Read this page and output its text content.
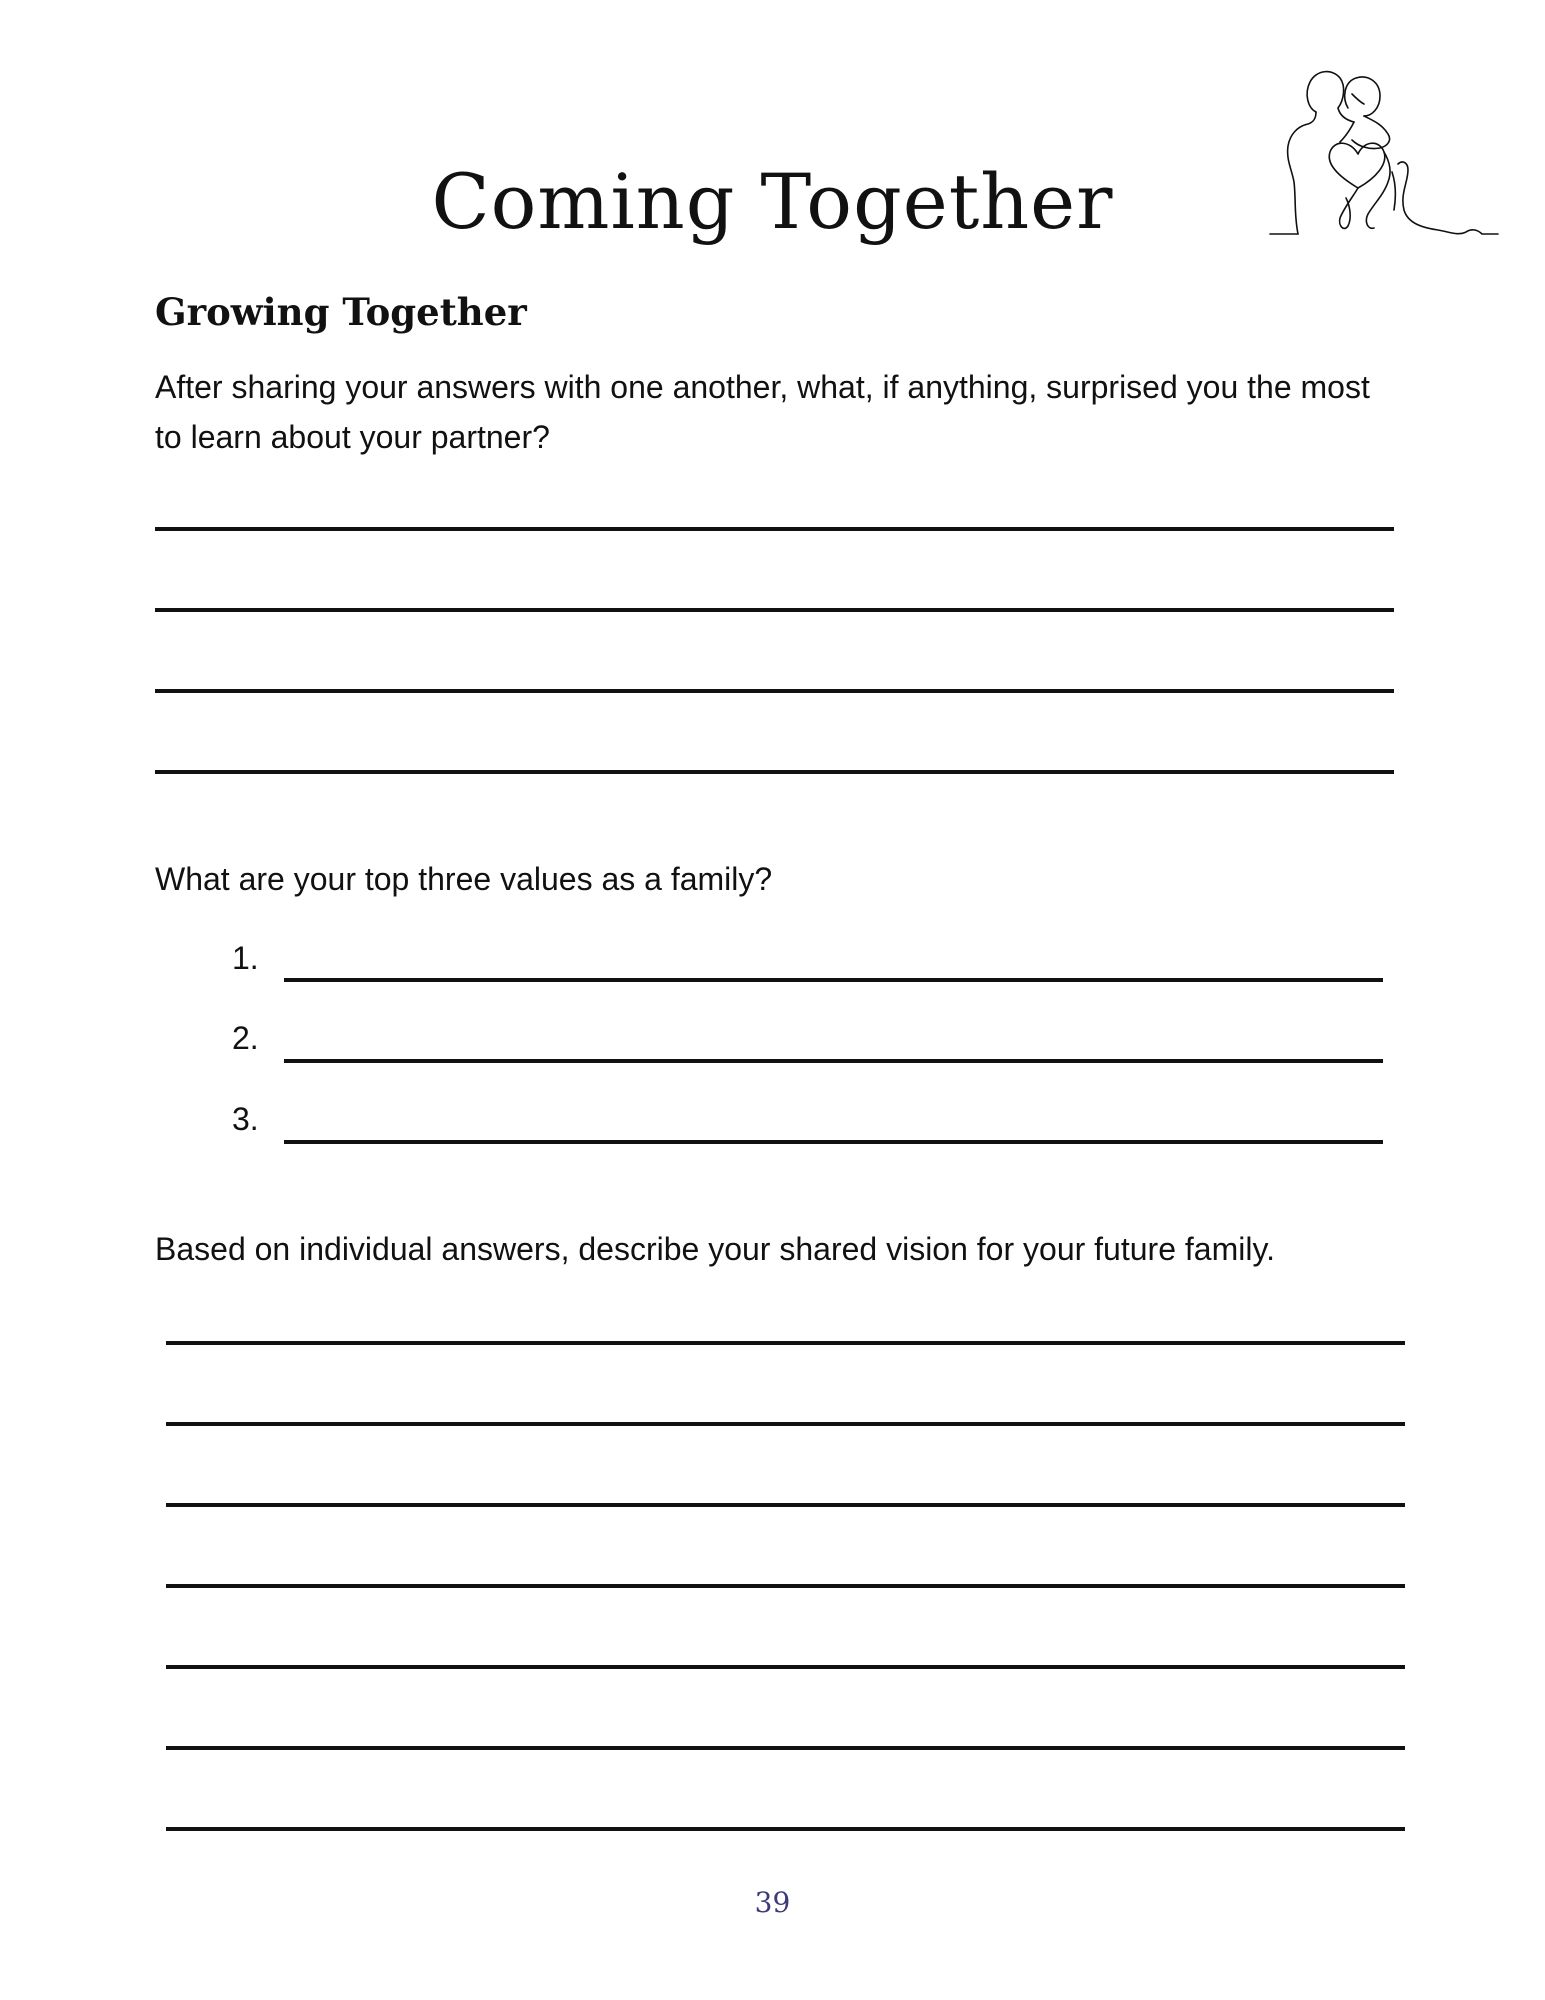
Coming Together
Growing Together

After sharing your answers with one another, what, if anything, surprised you the most to learn about your partner?

What are your top three values as a family?

1.
2.
3.

Based on individual answers, describe your shared vision for your future family.

39
